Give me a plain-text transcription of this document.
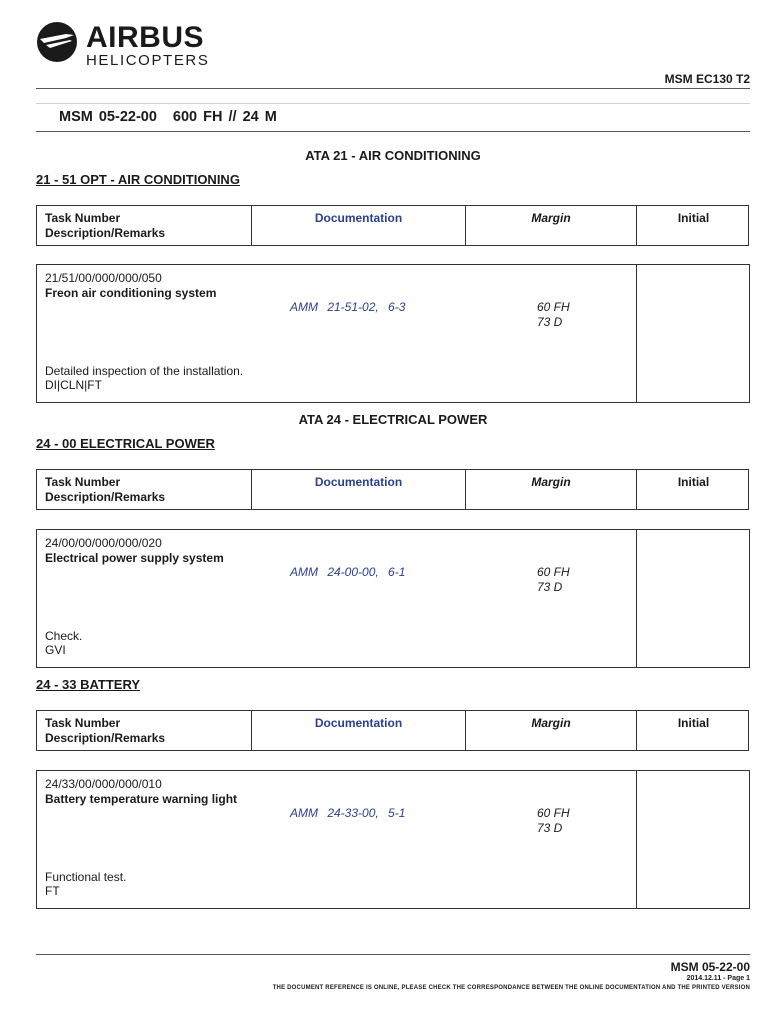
AIRBUS
HELICOPTERS
MSM EC130 T2
MSM 05-22-00 600 FH // 24 M
ATA 21 - AIR CONDITIONING
21 - 51 OPT - AIR CONDITIONING
Task Number
Description/Remarks
Documentation	Margin	Initial
21/51/00/000/000/050
Freon air conditioning system
AMM 21-51-02, 6-3	60 FH
73 D
Detailed inspection of the installation.
DI|CLN|FT
ATA 24 - ELECTRICAL POWER
24 - 00 ELECTRICAL POWER
Task Number
Description/Remarks
Documentation	Margin	Initial
24/00/00/000/000/020
Electrical power supply system
AMM 24-00-00, 6-1	60 FH
73 D
Check.
GVI
24 - 33 BATTERY
Task Number
Description/Remarks
Documentation	Margin	Initial
24/33/00/000/000/010
Battery temperature warning light
AMM 24-33-00, 5-1	60 FH
73 D
Functional test.
FT
MSM 05-22-00
2014.12.11 - Page 1
THE DOCUMENT REFERENCE IS ONLINE, PLEASE CHECK THE CORRESPONDANCE BETWEEN THE ONLINE DOCUMENTATION AND THE PRINTED VERSION
